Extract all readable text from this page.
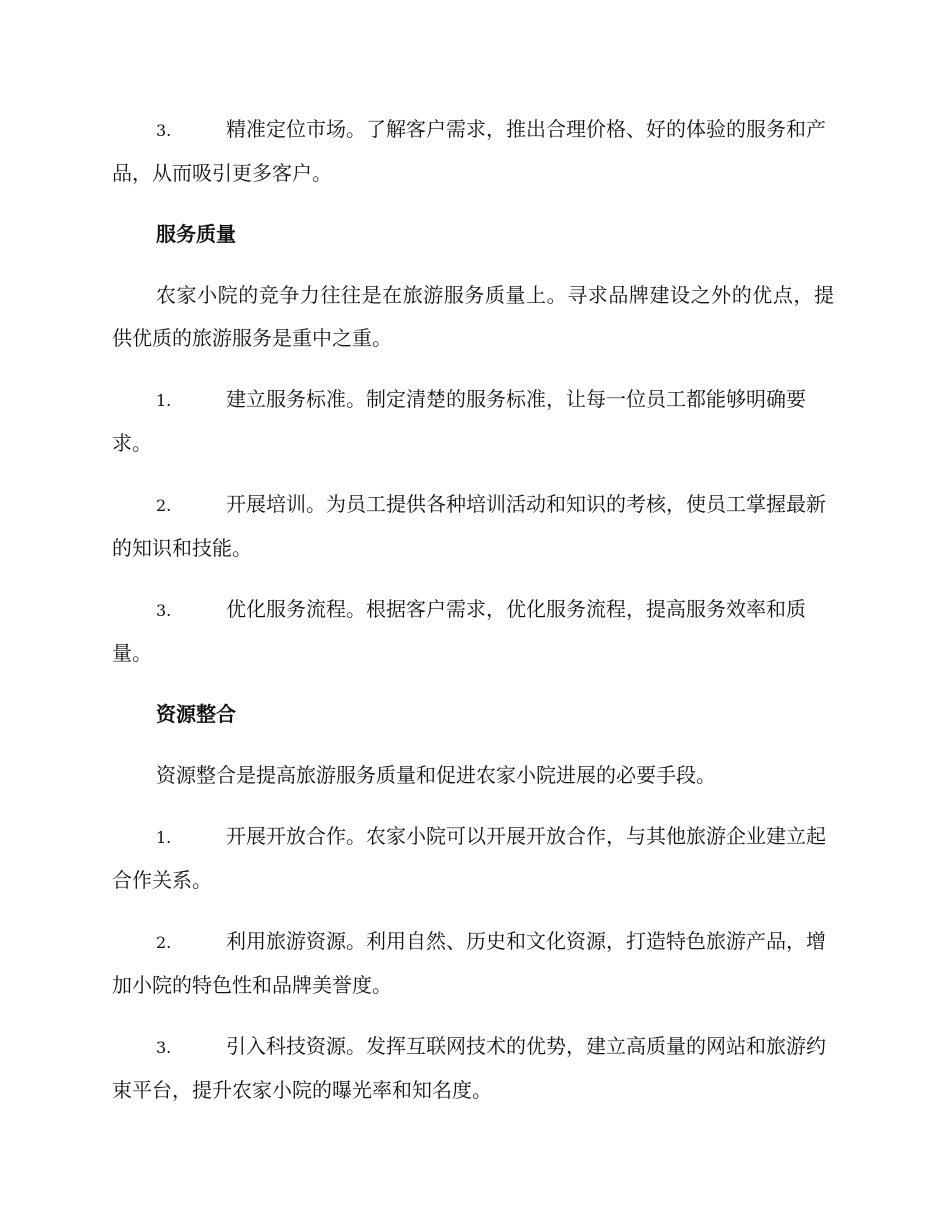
3.	精准定位市场。了解客户需求，推出合理价格、好的体验的服务和产品，从而吸引更多客户。

服务质量

农家小院的竞争力往往是在旅游服务质量上。寻求品牌建设之外的优点，提供优质的旅游服务是重中之重。

1.	建立服务标准。制定清楚的服务标准，让每一位员工都能够明确要求。

2.	开展培训。为员工提供各种培训活动和知识的考核，使员工掌握最新的知识和技能。

3.	优化服务流程。根据客户需求，优化服务流程，提高服务效率和质量。

资源整合

资源整合是提高旅游服务质量和促进农家小院进展的必要手段。

1.	开展开放合作。农家小院可以开展开放合作，与其他旅游企业建立起合作关系。

2.	利用旅游资源。利用自然、历史和文化资源，打造特色旅游产品，增加小院的特色性和品牌美誉度。

3.	引入科技资源。发挥互联网技术的优势，建立高质量的网站和旅游约束平台，提升农家小院的曝光率和知名度。
